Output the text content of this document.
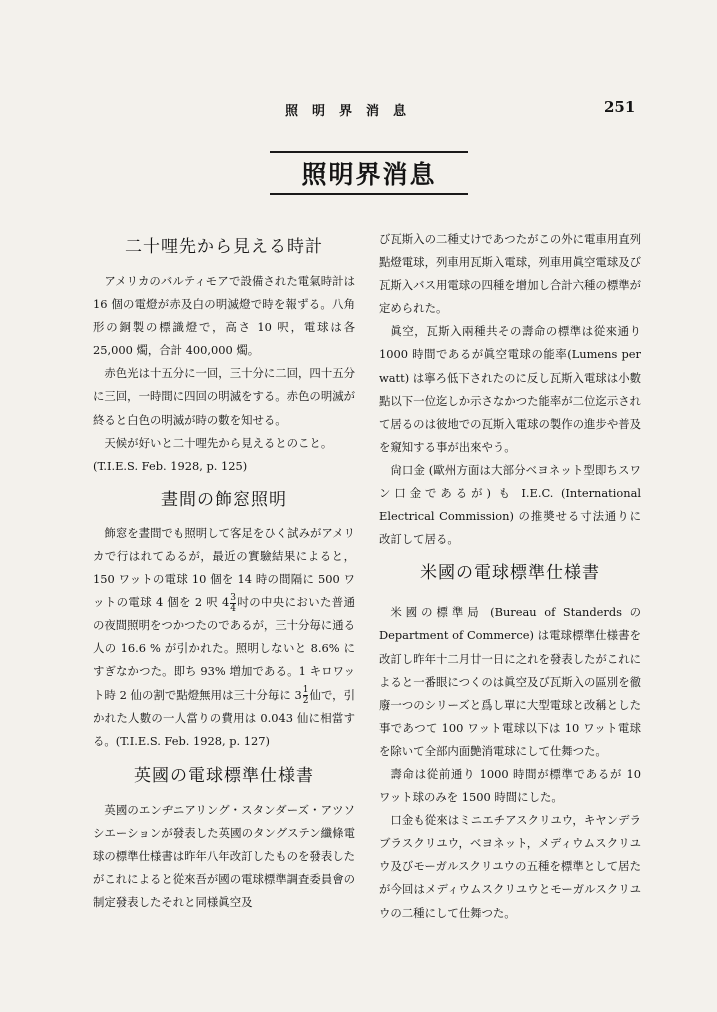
照明界消息	251
照明界消息
二十哩先から見える時計

アメリカのバルティモアで設備された電氣時計は 16 個の電燈が赤及白の明滅燈で時を報ずる。八角形の銅製の標識燈で，高さ 10 呎，電球は各 25,000 燭，合計 400,000 燭。

赤色光は十五分に一回，三十分に二回，四十五分に三回，一時間に四回の明滅をする。赤色の明滅が終ると白色の明滅が時の數を知せる。

天候が好いと二十哩先から見えるとのこと。

(T.I.E.S. Feb. 1928, p. 125)

晝間の飾窓照明

飾窓を晝間でも照明して客足をひく試みがアメリカで行はれてゐるが，最近の實驗結果によると，150 ワットの電球 10 個を 14 時の間隔に 500 ワットの電球 4 個を 2 呎 $4 \frac{3}{4}$ 吋の中央においた普通の夜間照明をつかつたのであるが，三十分毎に通る人の 16.6 % が引かれた。照明しないと 8.6% にすぎなかつた。即ち 93% 増加である。1 キロワット時 2 仙の割で點燈無用は三十分毎に $3 \frac{1}{2}$ 仙で，引かれた人數の一人當りの費用は 0.043 仙に相當する。(T.I.E.S. Feb. 1928, p. 127)

英國の電球標準仕様書

英國のエンヂニアリング・スタンダーズ・アツソシエーションが發表した英國のタングステン纖條電球の標準仕様書は昨年八年改訂したものを發表したがこれによると從來吾が國の電球標準調査委員會の制定發表したそれと同様眞空及

び瓦斯入の二種丈けであつたがこの外に電車用直列點燈電球，列車用瓦斯入電球，列車用眞空電球及び瓦斯入バス用電球の四種を增加し合計六種の標準が定められた。

眞空，瓦斯入兩種共その壽命の標準は從來通り 1000 時間であるが眞空電球の能率(Lumens per watt) は寧ろ低下されたのに反し瓦斯入電球は小數點以下一位迄しか示さなかつた能率が二位迄示されて居るのは彼地での瓦斯入電球の製作の進步や普及を窺知する事が出來やう。

尙口金 (歐州方面は大部分ベヨネット型即ちスワン口金であるが) も I.E.C. (International Electrical Commission) の推奬せる寸法通りに改訂して居る。

米國の電球標準仕様書

米國の標準局 (Bureau of Standerds の Department of Commerce) は電球標準仕様書を改訂し昨年十二月廿一日に之れを發表したがこれによると一番眼につくのは眞空及び瓦斯入の區別を徹廢一つのシリーズと爲し單に大型電球と改稱とした事であつて 100 ワット電球以下は 10 ワット電球を除いて全部内面艶消電球にして仕舞つた。

壽命は從前通り 1000 時間が標準であるが 10 ワット球のみを 1500 時間にした。

口金も從來はミニエチアスクリユウ，キヤンデラブラスクリユウ，ベヨネット，メディウムスクリユウ及びモーガルスクリユウの五種を標準として居たが今回はメディウムスクリユウとモーガルスクリユウの二種にして仕舞つた。
